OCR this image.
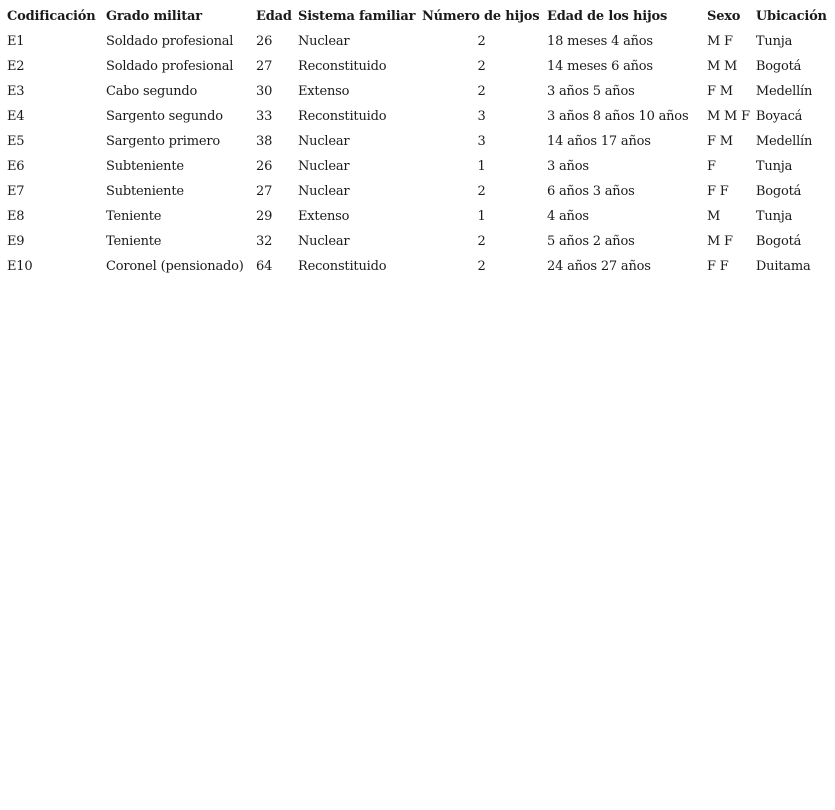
Codificación	Grado militar	Edad	Sistema familiar	Número de hijos	Edad de los hijos	Sexo	Ubicación
E1	Soldado profesional	26	Nuclear	2	18 meses 4 años	M F	Tunja
E2	Soldado profesional	27	Reconstituido	2	14 meses 6 años	M M	Bogotá
E3	Cabo segundo	30	Extenso	2	3 años 5 años	F M	Medellín
E4	Sargento segundo	33	Reconstituido	3	3 años 8 años 10 años	M M F	Boyacá
E5	Sargento primero	38	Nuclear	3	14 años 17 años	F M	Medellín
E6	Subteniente	26	Nuclear	1	3 años	F	Tunja
E7	Subteniente	27	Nuclear	2	6 años 3 años	F F	Bogotá
E8	Teniente	29	Extenso	1	4 años	M	Tunja
E9	Teniente	32	Nuclear	2	5 años 2 años	M F	Bogotá
E10	Coronel (pensionado)	64	Reconstituido	2	24 años 27 años	F F	Duitama
